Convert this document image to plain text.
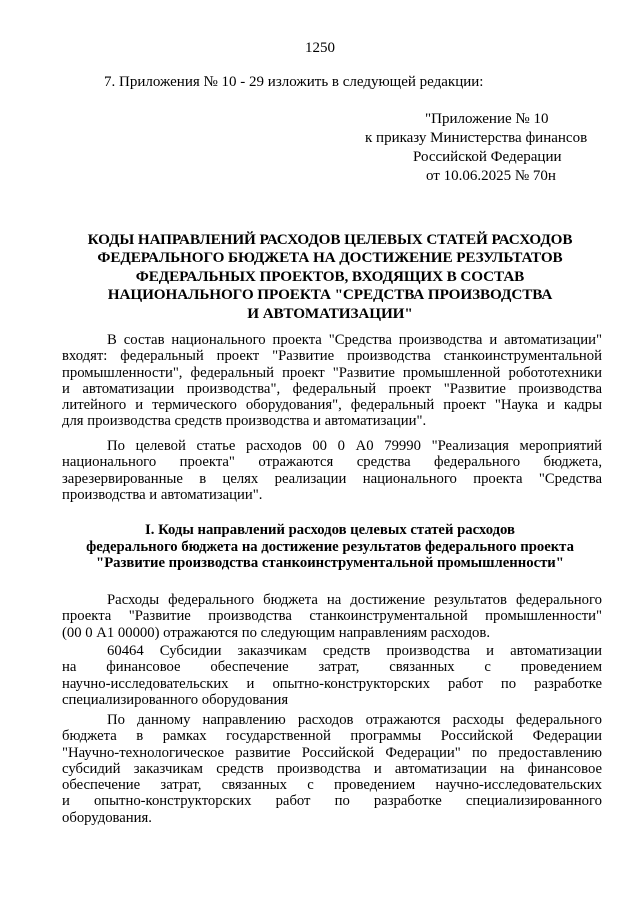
1250
7. Приложения № 10 - 29 изложить в следующей редакции:
"Приложение № 10
к приказу Министерства финансов
Российской Федерации
от 10.06.2025 № 70н
КОДЫ НАПРАВЛЕНИЙ РАСХОДОВ ЦЕЛЕВЫХ СТАТЕЙ РАСХОДОВ
ФЕДЕРАЛЬНОГО БЮДЖЕТА НА ДОСТИЖЕНИЕ РЕЗУЛЬТАТОВ
ФЕДЕРАЛЬНЫХ ПРОЕКТОВ, ВХОДЯЩИХ В СОСТАВ
НАЦИОНАЛЬНОГО ПРОЕКТА "СРЕДСТВА ПРОИЗВОДСТВА
И АВТОМАТИЗАЦИИ"
В состав национального проекта "Средства производства и автоматизации"
входят: федеральный проект "Развитие производства станкоинструментальной
промышленности", федеральный проект "Развитие промышленной робототехники
и автоматизации производства", федеральный проект "Развитие производства
литейного и термического оборудования", федеральный проект "Наука и кадры
для производства средств производства и автоматизации".
По целевой статье расходов 00 0 А0 79990 "Реализация мероприятий
национального проекта" отражаются средства федерального бюджета,
зарезервированные в целях реализации национального проекта "Средства
производства и автоматизации".
I. Коды направлений расходов целевых статей расходов
федерального бюджета на достижение результатов федерального проекта
"Развитие производства станкоинструментальной промышленности"
Расходы федерального бюджета на достижение результатов федерального
проекта "Развитие производства станкоинструментальной промышленности"
(00 0 А1 00000) отражаются по следующим направлениям расходов.
60464 Субсидии заказчикам средств производства и автоматизации
на финансовое обеспечение затрат, связанных с проведением
научно-исследовательских и опытно-конструкторских работ по разработке
специализированного оборудования
По данному направлению расходов отражаются расходы федерального
бюджета в рамках государственной программы Российской Федерации
"Научно-технологическое развитие Российской Федерации" по предоставлению
субсидий заказчикам средств производства и автоматизации на финансовое
обеспечение затрат, связанных с проведением научно-исследовательских
и опытно-конструкторских работ по разработке специализированного
оборудования.
